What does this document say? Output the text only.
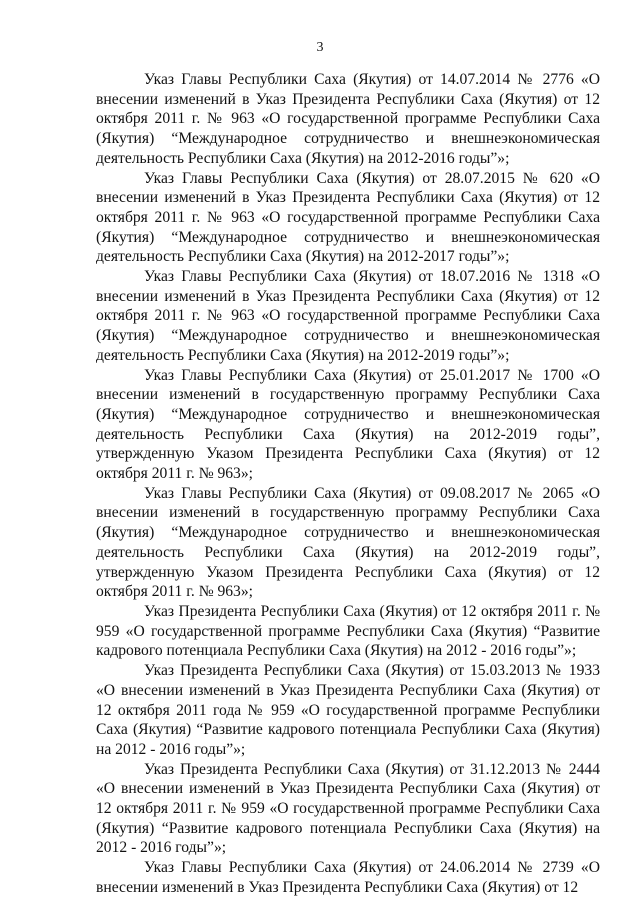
3

Указ Главы Республики Саха (Якутия) от 14.07.2014 № 2776 «О внесении изменений в Указ Президента Республики Саха (Якутия) от 12 октября 2011 г. № 963 «О государственной программе Республики Саха (Якутия) “Международное сотрудничество и внешнеэкономическая деятельность Республики Саха (Якутия) на 2012-2016 годы”»;

Указ Главы Республики Саха (Якутия) от 28.07.2015 № 620 «О внесении изменений в Указ Президента Республики Саха (Якутия) от 12 октября 2011 г. № 963 «О государственной программе Республики Саха (Якутия) “Международное сотрудничество и внешнеэкономическая деятельность Республики Саха (Якутия) на 2012-2017 годы”»;

Указ Главы Республики Саха (Якутия) от 18.07.2016 № 1318 «О внесении изменений в Указ Президента Республики Саха (Якутия) от 12 октября 2011 г. № 963 «О государственной программе Республики Саха (Якутия) “Международное сотрудничество и внешнеэкономическая деятельность Республики Саха (Якутия) на 2012-2019 годы”»;

Указ Главы Республики Саха (Якутия) от 25.01.2017 № 1700 «О внесении изменений в государственную программу Республики Саха (Якутия) “Международное сотрудничество и внешнеэкономическая деятельность Республики Саха (Якутия) на 2012-2019 годы”, утвержденную Указом Президента Республики Саха (Якутия) от 12 октября 2011 г. № 963»;

Указ Главы Республики Саха (Якутия) от 09.08.2017 № 2065 «О внесении изменений в государственную программу Республики Саха (Якутия) “Международное сотрудничество и внешнеэкономическая деятельность Республики Саха (Якутия) на 2012-2019 годы”, утвержденную Указом Президента Республики Саха (Якутия) от 12 октября 2011 г. № 963»;

Указ Президента Республики Саха (Якутия) от 12 октября 2011 г. № 959 «О государственной программе Республики Саха (Якутия) “Развитие кадрового потенциала Республики Саха (Якутия) на 2012 - 2016 годы”»;

Указ Президента Республики Саха (Якутия) от 15.03.2013 № 1933 «О внесении изменений в Указ Президента Республики Саха (Якутия) от 12 октября 2011 года № 959 «О государственной программе Республики Саха (Якутия) “Развитие кадрового потенциала Республики Саха (Якутия) на 2012 - 2016 годы”»;

Указ Президента Республики Саха (Якутия) от 31.12.2013 № 2444 «О внесении изменений в Указ Президента Республики Саха (Якутия) от 12 октября 2011 г. № 959 «О государственной программе Республики Саха (Якутия) “Развитие кадрового потенциала Республики Саха (Якутия) на 2012 - 2016 годы”»;

Указ Главы Республики Саха (Якутия) от 24.06.2014 № 2739 «О внесении изменений в Указ Президента Республики Саха (Якутия) от 12
